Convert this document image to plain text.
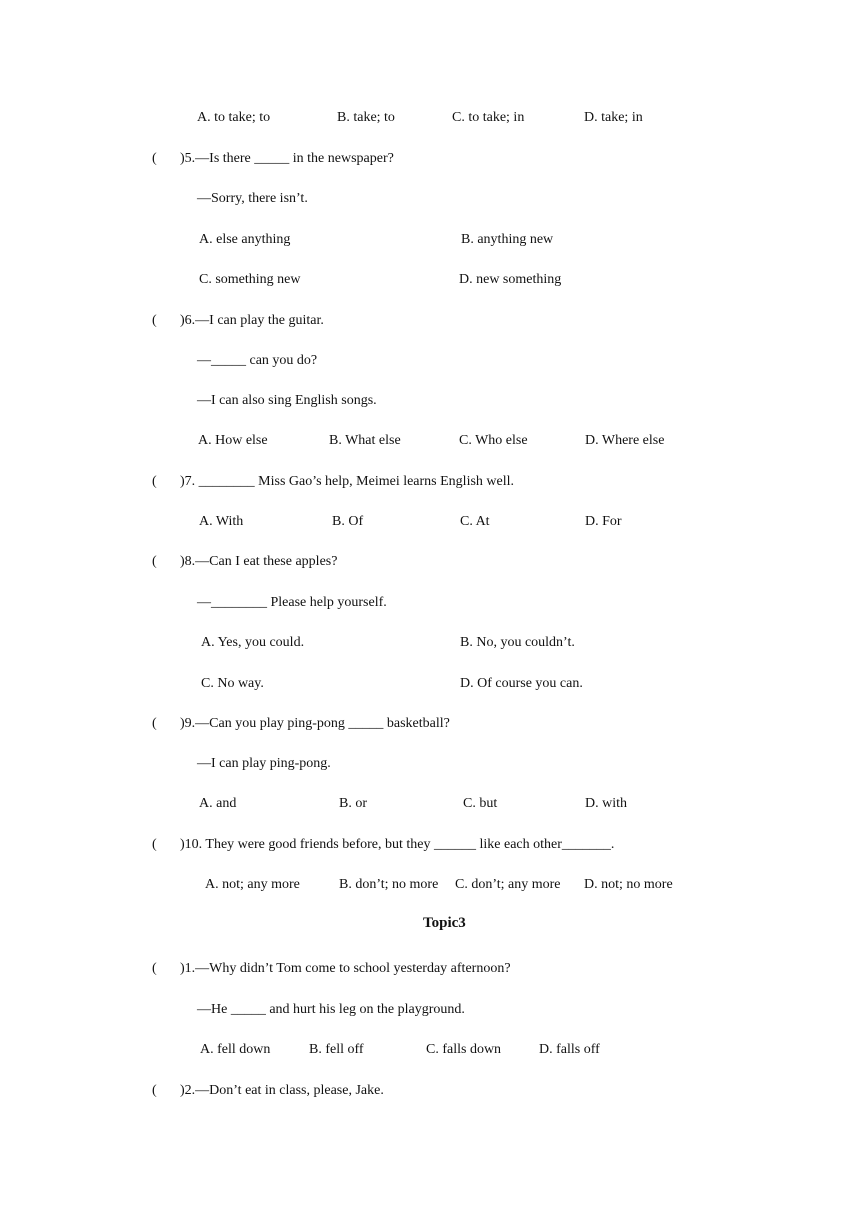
A. to take; to	B. take; to	C. to take; in	D. take; in
( )5.—Is there _____ in the newspaper?
—Sorry, there isn’t.
A. else anything	B. anything new
C. something new	D. new something
( )6.—I can play the guitar.
—_____ can you do?
—I can also sing English songs.
A. How else	B. What else	C. Who else	D. Where else
( )7. ________ Miss Gao’s help, Meimei learns English well.
A. With	B. Of	C. At	D. For
( )8.—Can I eat these apples?
—________ Please help yourself.
A. Yes, you could.	B. No, you couldn’t.
C. No way.	D. Of course you can.
( )9.—Can you play ping-pong _____ basketball?
—I can play ping-pong.
A. and	B. or	C. but	D. with
( )10. They were good friends before, but they ______ like each other_______.
A. not; any more	B. don’t; no more C. don’t; any more D. not; no more
Topic3
( )1.—Why didn’t Tom come to school yesterday afternoon?
—He _____ and hurt his leg on the playground.
A. fell down	B. fell off	C. falls down	D. falls off
( )2.—Don’t eat in class, please, Jake.
